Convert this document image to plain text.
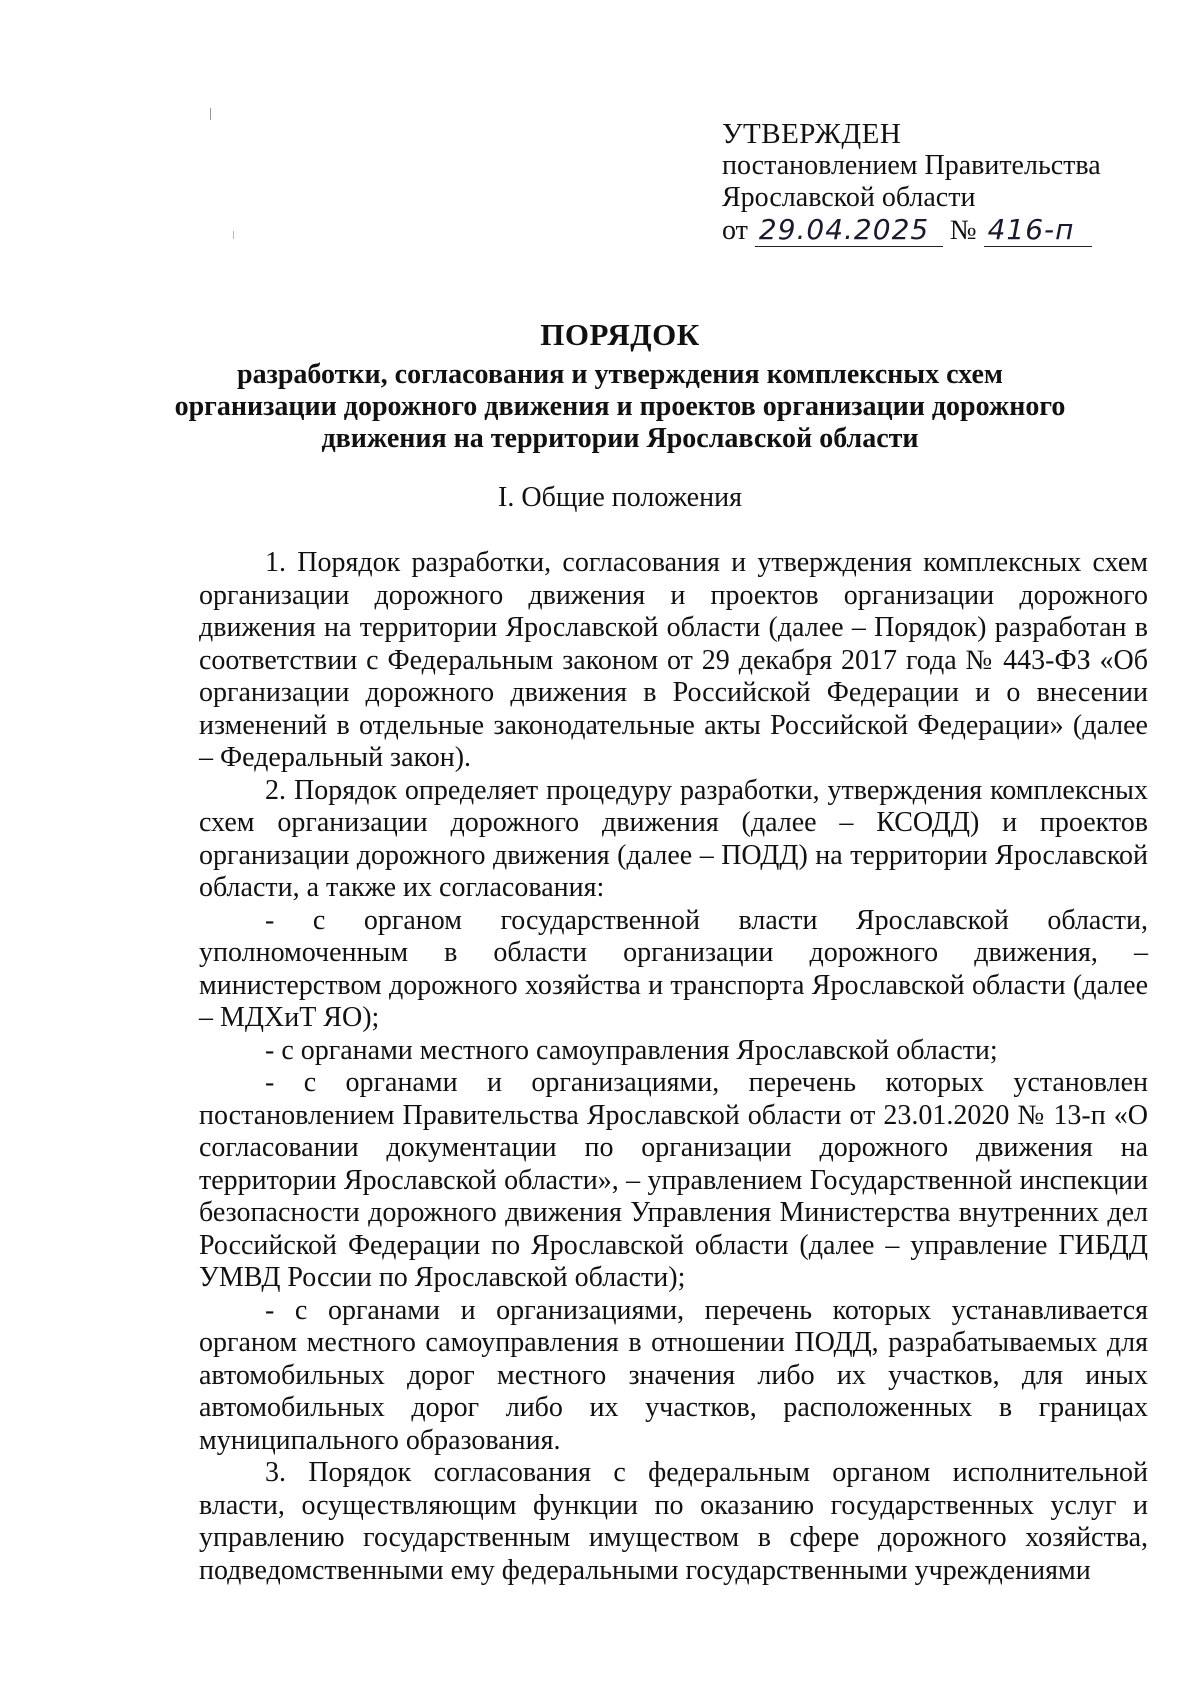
УТВЕРЖДЕН
постановлением Правительства
Ярославской области
от 29.04.2025 № 416-п
ПОРЯДОК
разработки, согласования и утверждения комплексных схем организации дорожного движения и проектов организации дорожного движения на территории Ярославской области
I. Общие положения

1. Порядок разработки, согласования и утверждения комплексных схем организации дорожного движения и проектов организации дорожного движения на территории Ярославской области (далее – Порядок) разработан в соответствии с Федеральным законом от 29 декабря 2017 года № 443-ФЗ «Об организации дорожного движения в Российской Федерации и о внесении изменений в отдельные законодательные акты Российской Федерации» (далее – Федеральный закон).

2. Порядок определяет процедуру разработки, утверждения комплексных схем организации дорожного движения (далее – КСОДД) и проектов организации дорожного движения (далее – ПОДД) на территории Ярославской области, а также их согласования:

- с органом государственной власти Ярославской области, уполномоченным в области организации дорожного движения, – министерством дорожного хозяйства и транспорта Ярославской области (далее – МДХиТ ЯО);

- с органами местного самоуправления Ярославской области;

- с органами и организациями, перечень которых установлен постановлением Правительства Ярославской области от 23.01.2020 № 13-п «О согласовании документации по организации дорожного движения на территории Ярославской области», – управлением Государственной инспекции безопасности дорожного движения Управления Министерства внутренних дел Российской Федерации по Ярославской области (далее – управление ГИБДД УМВД России по Ярославской области);

- с органами и организациями, перечень которых устанавливается органом местного самоуправления в отношении ПОДД, разрабатываемых для автомобильных дорог местного значения либо их участков, для иных автомобильных дорог либо их участков, расположенных в границах муниципального образования.

3. Порядок согласования с федеральным органом исполнительной власти, осуществляющим функции по оказанию государственных услуг и управлению государственным имуществом в сфере дорожного хозяйства, подведомственными ему федеральными государственными учреждениями
